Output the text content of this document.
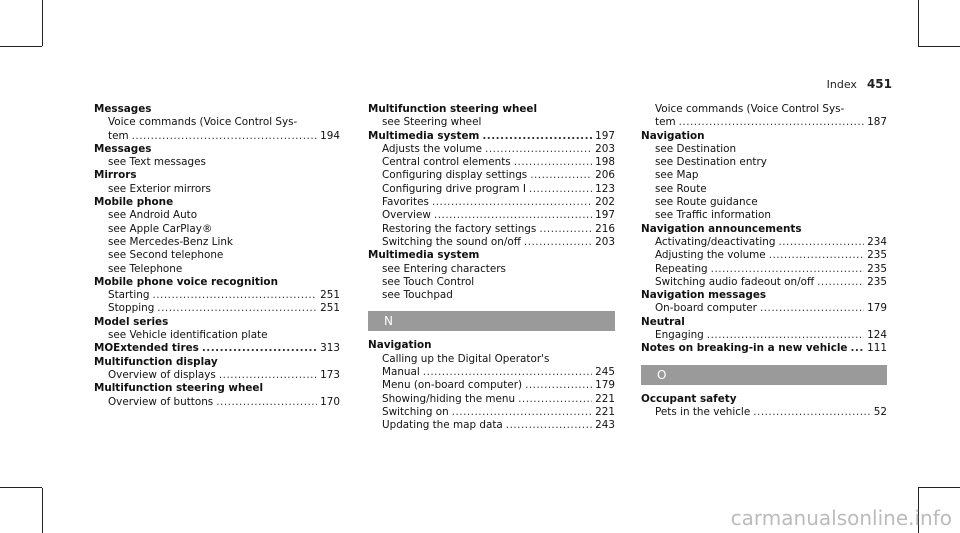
Index 451
Messages
Voice commands (Voice Control Sys-
tem .....	194
Messages
see Text messages
Mirrors
see Exterior mirrors
Mobile phone
see Android Auto
see Apple CarPlay®
see Mercedes-Benz Link
see Second telephone
see Telephone
Mobile phone voice recognition
Starting .....	251
Stopping .....	251
Model series
see Vehicle identification plate
MOExtended tires .....	313
Multifunction display
Overview of displays .....	173
Multifunction steering wheel
Overview of buttons .....	170
Multifunction steering wheel
see Steering wheel
Multimedia system .....	197
Adjusts the volume .....	203
Central control elements .....	198
Configuring display settings .....	206
Configuring drive program I .....	123
Favorites .....	202
Overview .....	197
Restoring the factory settings .....	216
Switching the sound on/off .....	203
Multimedia system
see Entering characters
see Touch Control
see Touchpad
N
Navigation
Calling up the Digital Operator's
Manual .....	245
Menu (on-board computer) .....	179
Showing/hiding the menu .....	221
Switching on .....	221
Updating the map data .....	243
Voice commands (Voice Control Sys-
tem .....	187
Navigation
see Destination
see Destination entry
see Map
see Route
see Route guidance
see Traffic information
Navigation announcements
Activating/deactivating .....	234
Adjusting the volume .....	235
Repeating .....	235
Switching audio fadeout on/off .....	235
Navigation messages
On-board computer .....	179
Neutral
Engaging .....	124
Notes on breaking-in a new vehicle ..... 111
O
Occupant safety
Pets in the vehicle .....	52
carmanualsonline.info
